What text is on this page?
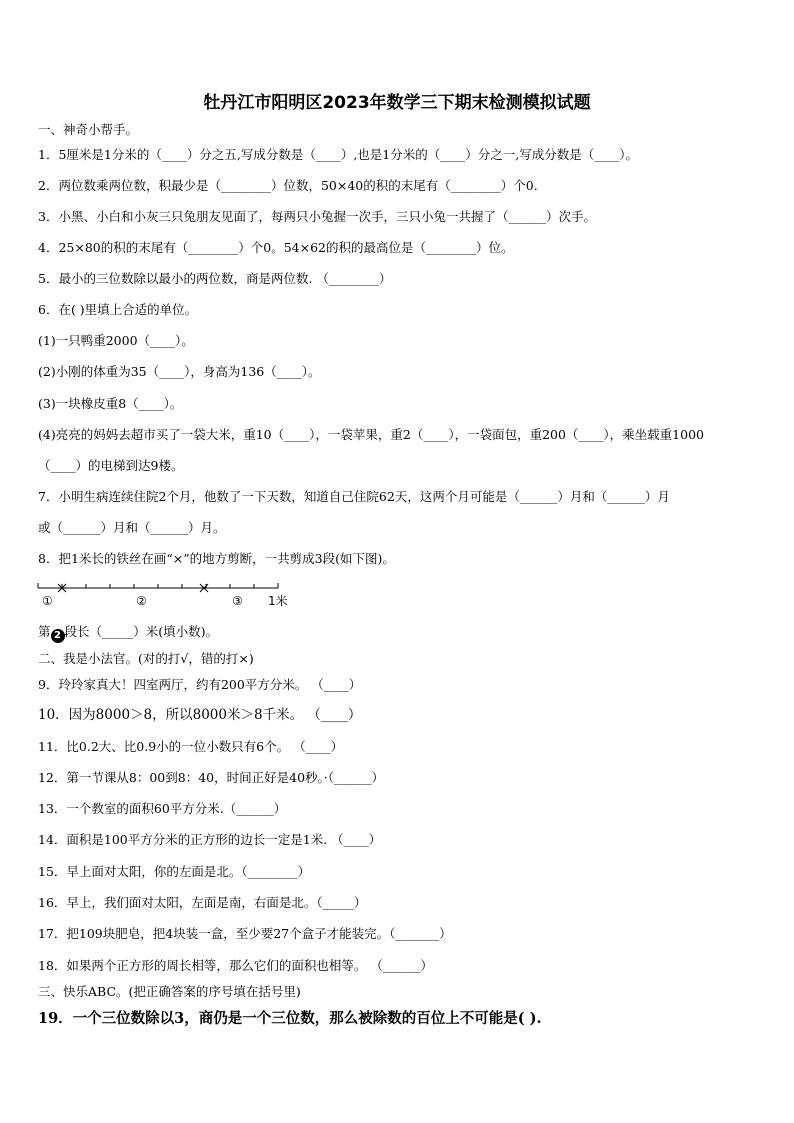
牡丹江市阳明区2023年数学三下期末检测模拟试题
一、神奇小帮手。
1．5厘米是1分米的（____）分之五,写成分数是（____）,也是1分米的（____）分之一,写成分数是（____）。
2．两位数乘两位数，积最少是（________）位数，50×40的积的末尾有（________）个0.
3．小黑、小白和小灰三只兔朋友见面了，每两只小兔握一次手，三只小兔一共握了（______）次手。
4．25×80的积的末尾有（________）个0。54×62的积的最高位是（________）位。
5．最小的三位数除以最小的两位数，商是两位数. （________）
6．在( )里填上合适的单位。
(1)一只鸭重2000（____）。
(2)小刚的体重为35（____），身高为136（____）。
(3)一块橡皮重8（____）。
(4)亮亮的妈妈去超市买了一袋大米，重10（____），一袋苹果，重2（____），一袋面包，重200（____），乘坐载重1000
（____）的电梯到达9楼。
7．小明生病连续住院2个月，他数了一下天数，知道自己住院62天，这两个月可能是（______）月和（______）月
或（______）月和（______）月。
8．把1米长的铁丝在画“×”的地方剪断，一共剪成3段(如下图)。
①	②	③ 1米
第 2 段长（_____）米(填小数)。
二、我是小法官。(对的打√，错的打×)
9．玲玲家真大！四室两厅，约有200平方分米。 （____）
10．因为8000＞8，所以8000米＞8千米。 （____）
11．比0.2大、比0.9小的一位小数只有6个。 （____）
12．第一节课从8：00到8：40，时间正好是40秒。·（______）
13．一个教室的面积60平方分米.（______）
14．面积是100平方分米的正方形的边长一定是1米. （____）
15．早上面对太阳，你的左面是北。（________）
16．早上，我们面对太阳，左面是南，右面是北。（_____）
17．把109块肥皂，把4块装一盒，至少要27个盒子才能装完。（_______）
18．如果两个正方形的周长相等，那么它们的面积也相等。 （______）
三、快乐ABC。(把正确答案的序号填在括号里)
19．一个三位数除以3，商仍是一个三位数，那么被除数的百位上不可能是( ).
